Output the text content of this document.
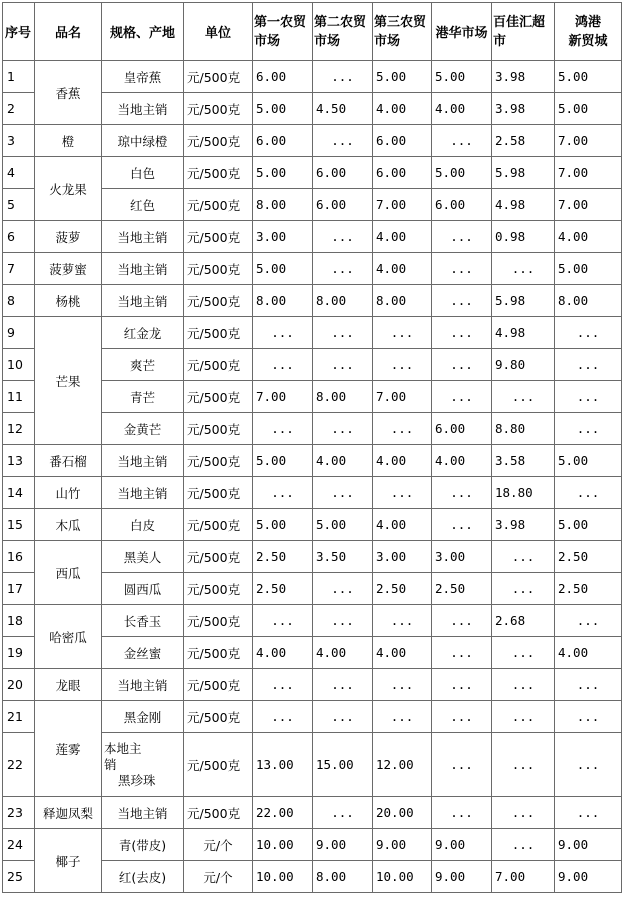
序号	品名	规格、产地	单位	第一农贸市场	第二农贸市场	第三农贸市场	港华市场	百佳汇超市	鸿港
新贸城

1	香蕉	皇帝蕉	元/500克	6.00	...	5.00	5.00	3.98	5.00
2		当地主销	元/500克	5.00	4.50	4.00	4.00	3.98	5.00
3	橙	琼中绿橙	元/500克	6.00	...	6.00	...	2.58	7.00
4	火龙果	白色	元/500克	5.00	6.00	6.00	5.00	5.98	7.00
5		红色	元/500克	8.00	6.00	7.00	6.00	4.98	7.00
6	菠萝	当地主销	元/500克	3.00	...	4.00	...	0.98	4.00
7	菠萝蜜	当地主销	元/500克	5.00	...	4.00	...	...	5.00
8	杨桃	当地主销	元/500克	8.00	8.00	8.00	...	5.98	8.00
9	芒果	红金龙	元/500克	...	...	...	...	4.98	...
10		爽芒	元/500克	...	...	...	...	9.80	...
11		青芒	元/500克	7.00	8.00	7.00	...	...	...
12		金黄芒	元/500克	...	...	...	6.00	8.80	...
13	番石榴	当地主销	元/500克	5.00	4.00	4.00	4.00	3.58	5.00
14	山竹	当地主销	元/500克	...	...	...	...	18.80	...
15	木瓜	白皮	元/500克	5.00	5.00	4.00	...	3.98	5.00
16	西瓜	黑美人	元/500克	2.50	3.50	3.00	3.00	...	2.50
17		圆西瓜	元/500克	2.50	...	2.50	2.50	...	2.50
18	哈密瓜	长香玉	元/500克	...	...	...	...	2.68	...
19		金丝蜜	元/500克	4.00	4.00	4.00	...	...	4.00
20	龙眼	当地主销	元/500克	...	...	...	...	...	...
21	莲雾	黑金刚	元/500克	...	...	...	...	...	...
22		本地主
销
黑珍珠	元/500克	13.00	15.00	12.00	...	...	...
23	释迦凤梨	当地主销	元/500克	22.00	...	20.00	...	...	...
24	椰子	青(带皮)	元/个	10.00	9.00	9.00	9.00	...	9.00
25		红(去皮)	元/个	10.00	8.00	10.00	9.00	7.00	9.00
